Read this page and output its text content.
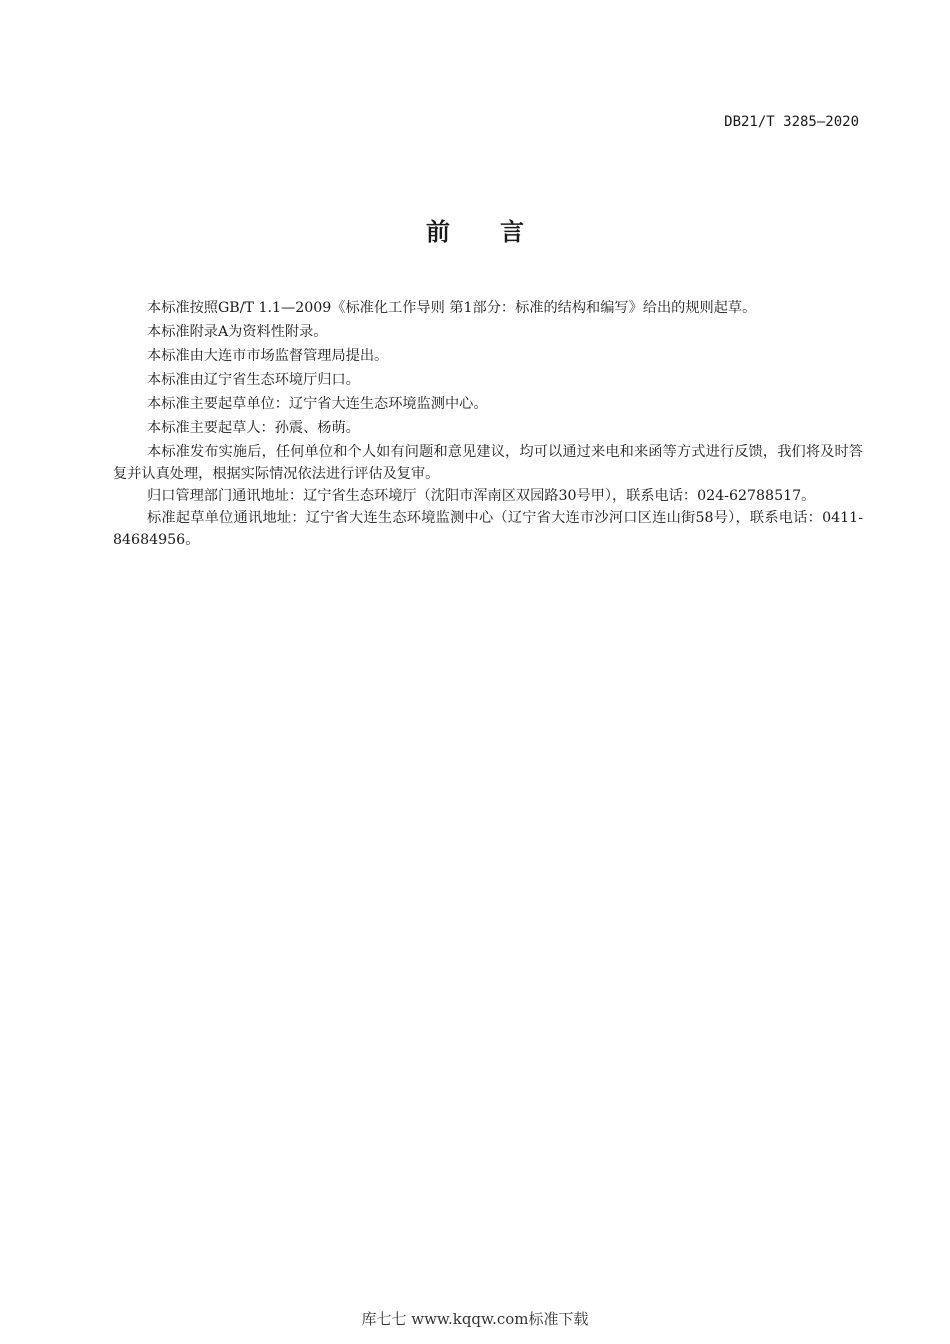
DB21/T 3285—2020
前 言

本标准按照GB/T 1.1—2009《标准化工作导则 第1部分：标准的结构和编写》给出的规则起草。

本标准附录A为资料性附录。

本标准由大连市市场监督管理局提出。

本标准由辽宁省生态环境厅归口。

本标准主要起草单位：辽宁省大连生态环境监测中心。

本标准主要起草人：孙震、杨萌。

本标准发布实施后，任何单位和个人如有问题和意见建议，均可以通过来电和来函等方式进行反馈，我们将及时答复并认真处理，根据实际情况依法进行评估及复审。

归口管理部门通讯地址：辽宁省生态环境厅（沈阳市浑南区双园路30号甲），联系电话：024-62788517。

标准起草单位通讯地址：辽宁省大连生态环境监测中心（辽宁省大连市沙河口区连山街58号），联系电话：0411-84684956。

库七七 www.kqqw.com标准下载
